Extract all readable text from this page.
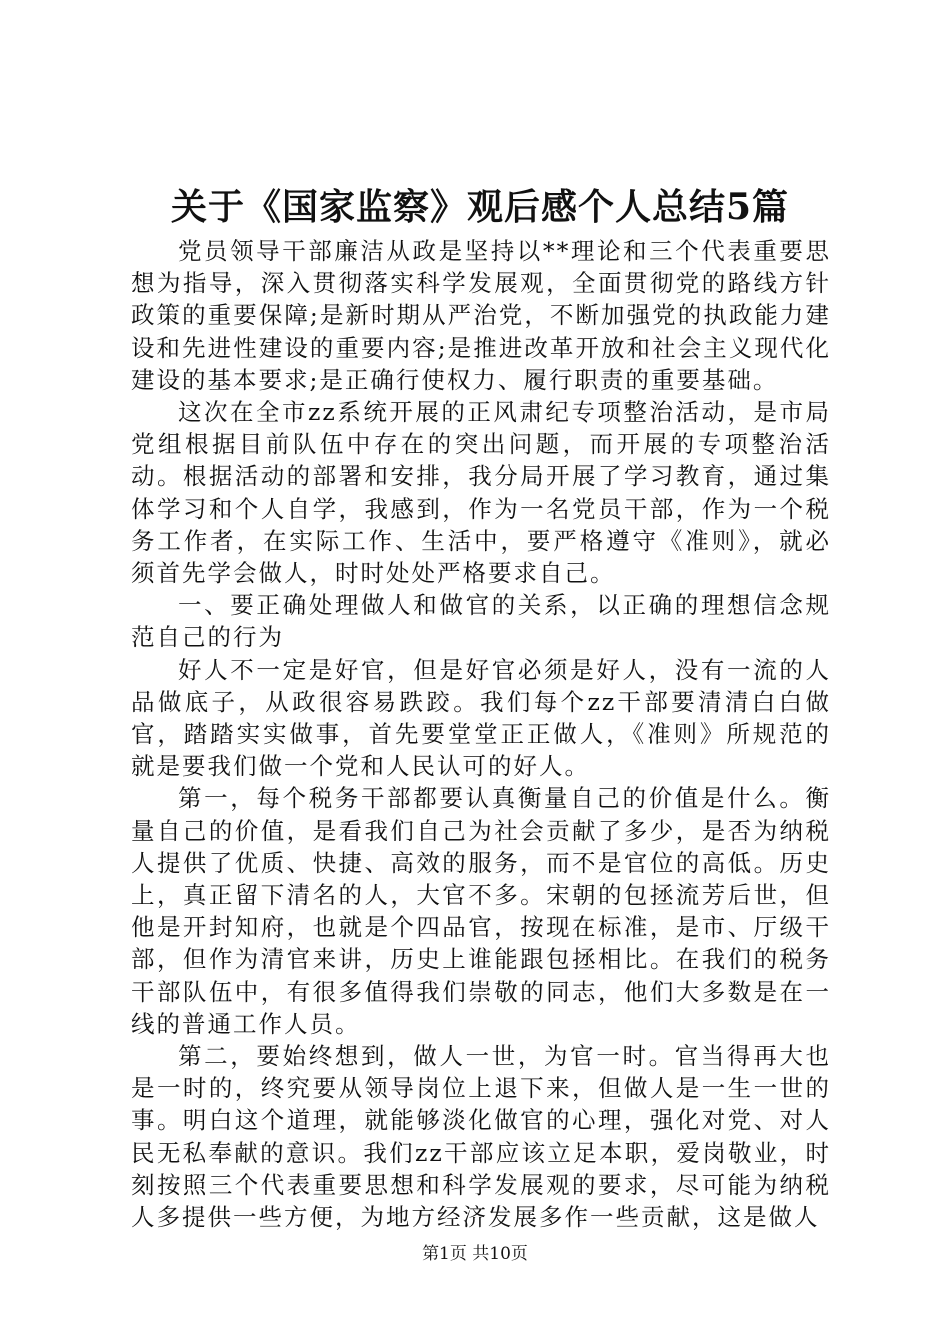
关于《国家监察》观后感个人总结5篇

党员领导干部廉洁从政是坚持以**理论和三个代表重要思想为指导，深入贯彻落实科学发展观，全面贯彻党的路线方针政策的重要保障;是新时期从严治党，不断加强党的执政能力建设和先进性建设的重要内容;是推进改革开放和社会主义现代化建设的基本要求;是正确行使权力、履行职责的重要基础。

这次在全市zz系统开展的正风肃纪专项整治活动，是市局党组根据目前队伍中存在的突出问题，而开展的专项整治活动。根据活动的部署和安排，我分局开展了学习教育，通过集体学习和个人自学，我感到，作为一名党员干部，作为一个税务工作者，在实际工作、生活中，要严格遵守《准则》，就必须首先学会做人，时时处处严格要求自己。

一、要正确处理做人和做官的关系，以正确的理想信念规范自己的行为

好人不一定是好官，但是好官必须是好人，没有一流的人品做底子，从政很容易跌跤。我们每个zz干部要清清白白做官，踏踏实实做事，首先要堂堂正正做人，《准则》所规范的就是要我们做一个党和人民认可的好人。

第一，每个税务干部都要认真衡量自己的价值是什么。衡量自己的价值，是看我们自己为社会贡献了多少，是否为纳税人提供了优质、快捷、高效的服务，而不是官位的高低。历史上，真正留下清名的人，大官不多。宋朝的包拯流芳后世，但他是开封知府，也就是个四品官，按现在标准，是市、厅级干部，但作为清官来讲，历史上谁能跟包拯相比。在我们的税务干部队伍中，有很多值得我们崇敬的同志，他们大多数是在一线的普通工作人员。

第二，要始终想到，做人一世，为官一时。官当得再大也是一时的，终究要从领导岗位上退下来，但做人是一生一世的事。明白这个道理，就能够淡化做官的心理，强化对党、对人民无私奉献的意识。我们zz干部应该立足本职，爱岗敬业，时刻按照三个代表重要思想和科学发展观的要求，尽可能为纳税人多提供一些方便，为地方经济发展多作一些贡献，这是做人

第1页 共10页
